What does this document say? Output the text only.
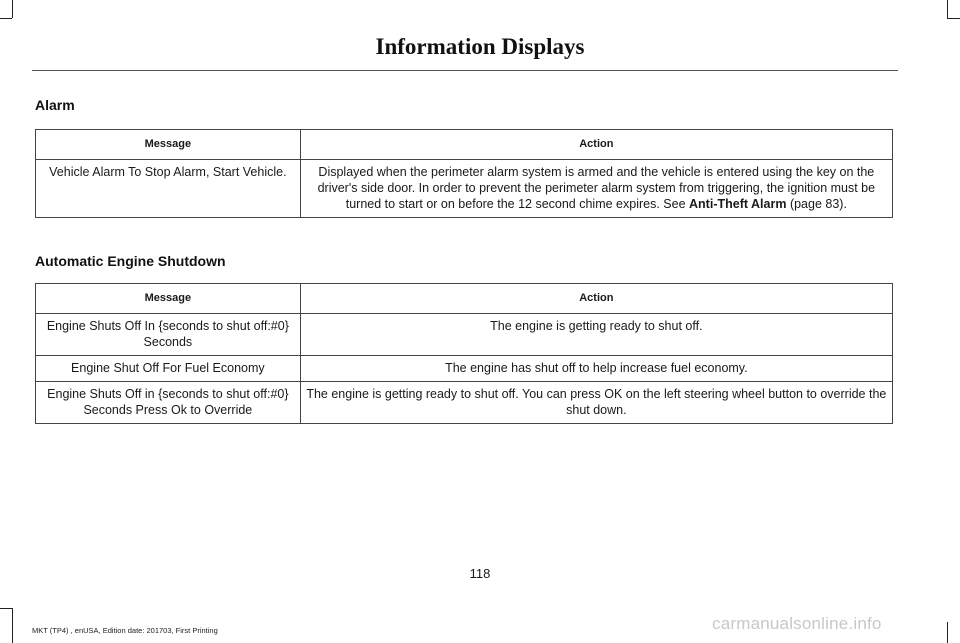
Information Displays
Alarm
Message	Action
Vehicle Alarm To Stop Alarm, Start Vehicle.	Displayed when the perimeter alarm system is armed and the vehicle is entered using the key on the driver's side door. In order to prevent the perimeter alarm system from triggering, the ignition must be turned to start or on before the 12 second chime expires. See Anti-Theft Alarm (page 83).
Automatic Engine Shutdown
Message	Action
Engine Shuts Off In {seconds to shut off:#0} Seconds	The engine is getting ready to shut off.
Engine Shut Off For Fuel Economy	The engine has shut off to help increase fuel economy.
Engine Shuts Off in {seconds to shut off:#0} Seconds Press Ok to Override	The engine is getting ready to shut off. You can press OK on the left steering wheel button to override the shut down.
118
MKT (TP4) , enUSA, Edition date: 201703, First Printing	carmanualsonline.info
